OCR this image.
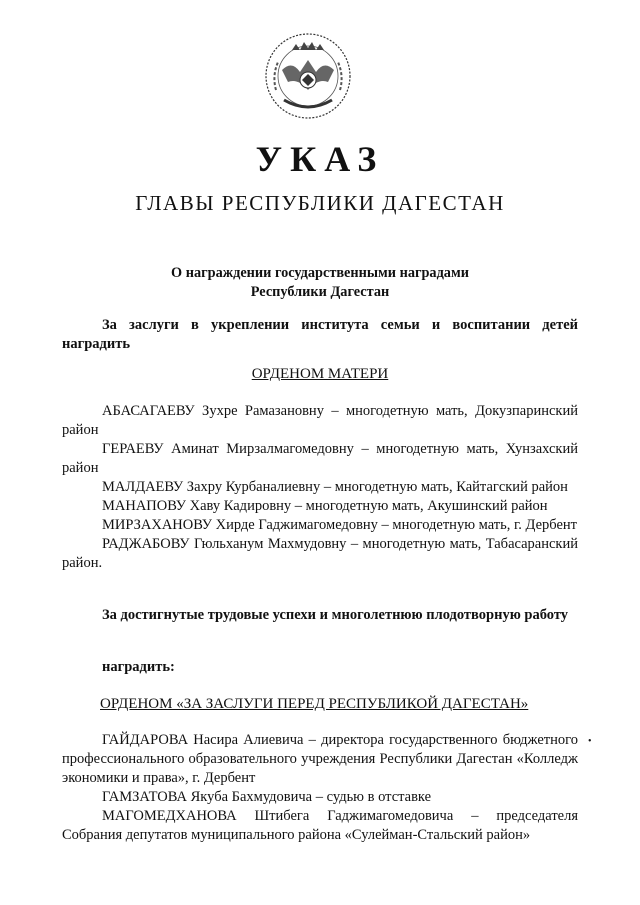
УКАЗ
ГЛАВЫ РЕСПУБЛИКИ ДАГЕСТАН
О награждении государственными наградами
Республики Дагестан
За заслуги в укреплении института семьи и воспитании детей наградить
ОРДЕНОМ МАТЕРИ

АБАСАГАЕВУ Зухре Рамазановну – многодетную мать, Докузпаринский район

ГЕРАЕВУ Аминат Мирзалмагомедовну – многодетную мать, Хунзахский район

МАЛДАЕВУ Захру Курбаналиевну – многодетную мать, Кайтагский район

МАНАПОВУ Хаву Кадировну – многодетную мать, Акушинский район

МИРЗАХАНОВУ Хирде Гаджимагомедовну – многодетную мать, г. Дербент

РАДЖАБОВУ Гюльханум Махмудовну – многодетную мать, Табасаранский район.

За достигнутые трудовые успехи и многолетнюю плодотворную работу
наградить:
ОРДЕНОМ «ЗА ЗАСЛУГИ ПЕРЕД РЕСПУБЛИКОЙ ДАГЕСТАН»

ГАЙДАРОВА Насира Алиевича – директора государственного бюджетного профессионального образовательного учреждения Республики Дагестан «Колледж экономики и права», г. Дербент

ГАМЗАТОВА Якуба Бахмудовича – судью в отставке

МАГОМЕДХАНОВА Штибега Гаджимагомедовича – председателя Собрания депутатов муниципального района «Сулейман-Стальский район»

•
